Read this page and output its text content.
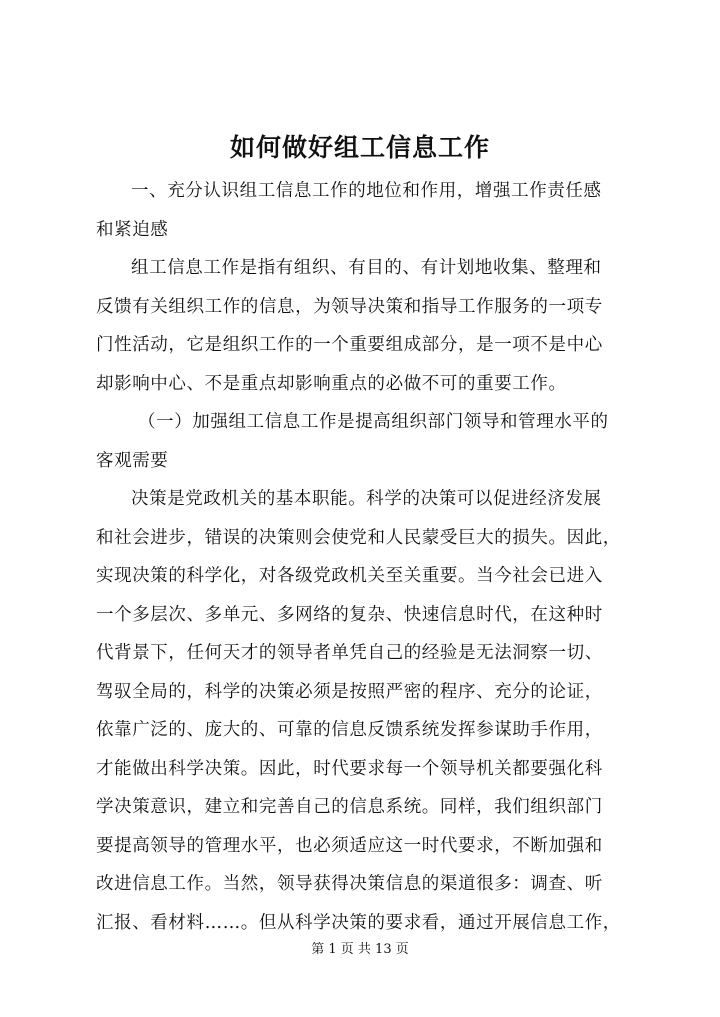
如何做好组工信息工作
一、充分认识组工信息工作的地位和作用，增强工作责任感
和紧迫感
组工信息工作是指有组织、有目的、有计划地收集、整理和
反馈有关组织工作的信息，为领导决策和指导工作服务的一项专
门性活动，它是组织工作的一个重要组成部分，是一项不是中心
却影响中心、不是重点却影响重点的必做不可的重要工作。
（一）加强组工信息工作是提高组织部门领导和管理水平的
客观需要
决策是党政机关的基本职能。科学的决策可以促进经济发展
和社会进步，错误的决策则会使党和人民蒙受巨大的损失。因此，
实现决策的科学化，对各级党政机关至关重要。当今社会已进入
一个多层次、多单元、多网络的复杂、快速信息时代，在这种时
代背景下，任何天才的领导者单凭自己的经验是无法洞察一切、
驾驭全局的，科学的决策必须是按照严密的程序、充分的论证，
依靠广泛的、庞大的、可靠的信息反馈系统发挥参谋助手作用，
才能做出科学决策。因此，时代要求每一个领导机关都要强化科
学决策意识，建立和完善自己的信息系统。同样，我们组织部门
要提高领导的管理水平，也必须适应这一时代要求，不断加强和
改进信息工作。当然，领导获得决策信息的渠道很多：调查、听
汇报、看材料……。但从科学决策的要求看，通过开展信息工作，
第 1 页 共 13 页
